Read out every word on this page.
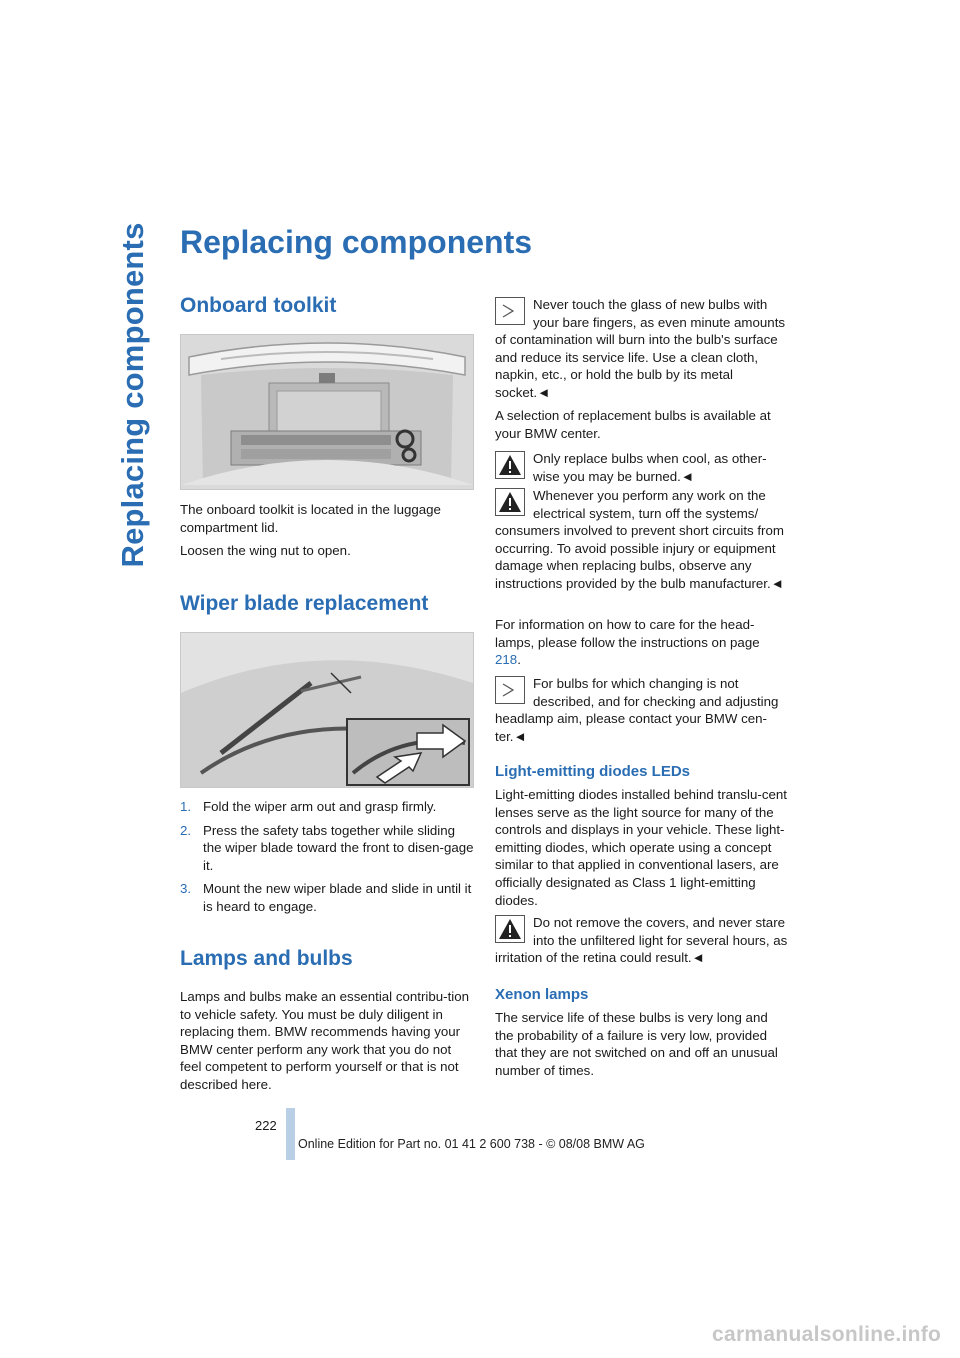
Replacing components Replacing components
Onboard toolkit

The onboard toolkit is located in the luggage compartment lid.

Loosen the wing nut to open.

Wiper blade replacement
1. Fold the wiper arm out and grasp firmly.
2. Press the safety tabs together while sliding the wiper blade toward the front to disen-gage it.
3. Mount the new wiper blade and slide in until it is heard to engage.
Lamps and bulbs

Lamps and bulbs make an essential contribu-tion to vehicle safety. You must be duly diligent in replacing them. BMW recommends having your BMW center perform any work that you do not feel competent to perform yourself or that is not described here.

Never touch the glass of new bulbs with your bare fingers, as even minute amounts of contamination will burn into the bulb's surface and reduce its service life. Use a clean cloth, napkin, etc., or hold the bulb by its metal socket.◄

A selection of replacement bulbs is available at your BMW center.

Only replace bulbs when cool, as other-wise you may be burned.◄
Whenever you perform any work on the electrical system, turn off the systems/ consumers involved to prevent short circuits from occurring. To avoid possible injury or equipment damage when replacing bulbs, observe any instructions provided by the bulb manufacturer.◄

For information on how to care for the head-lamps, please follow the instructions on page 218.

For bulbs for which changing is not described, and for checking and adjusting headlamp aim, please contact your BMW cen-ter.◄
Light-emitting diodes LEDs

Light-emitting diodes installed behind translu-cent lenses serve as the light source for many of the controls and displays in your vehicle. These light-emitting diodes, which operate using a concept similar to that applied in conventional lasers, are officially designated as Class 1 light-emitting diodes.

Do not remove the covers, and never stare into the unfiltered light for several hours, as irritation of the retina could result.◄
Xenon lamps

The service life of these bulbs is very long and the probability of a failure is very low, provided that they are not switched on and off an unusual number of times.

222
Online Edition for Part no. 01 41 2 600 738 - © 08/08 BMW AG
carmanualsonline.info
